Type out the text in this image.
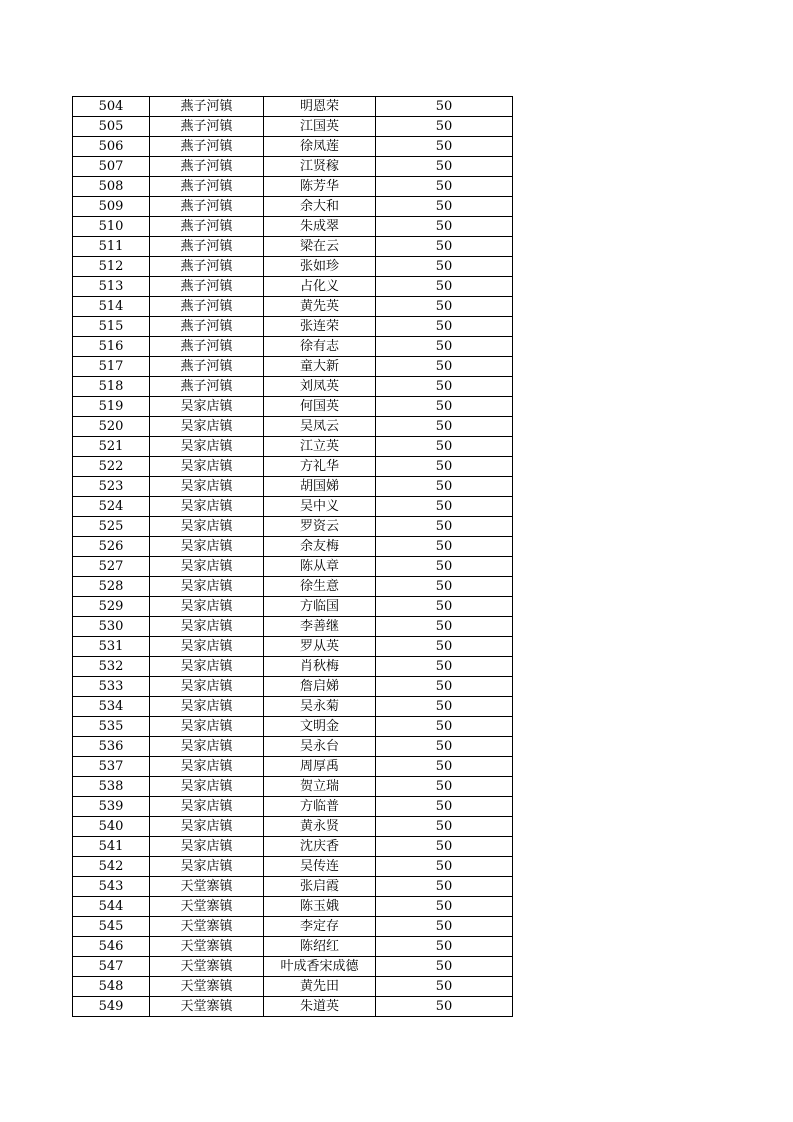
504	燕子河镇	明恩荣	50
505	燕子河镇	江国英	50
506	燕子河镇	徐凤莲	50
507	燕子河镇	江贤稼	50
508	燕子河镇	陈芳华	50
509	燕子河镇	余大和	50
510	燕子河镇	朱成翠	50
511	燕子河镇	梁在云	50
512	燕子河镇	张如珍	50
513	燕子河镇	占化义	50
514	燕子河镇	黄先英	50
515	燕子河镇	张连荣	50
516	燕子河镇	徐有志	50
517	燕子河镇	童大新	50
518	燕子河镇	刘凤英	50
519	吴家店镇	何国英	50
520	吴家店镇	吴凤云	50
521	吴家店镇	江立英	50
522	吴家店镇	方礼华	50
523	吴家店镇	胡国娣	50
524	吴家店镇	吴中义	50
525	吴家店镇	罗资云	50
526	吴家店镇	余友梅	50
527	吴家店镇	陈从章	50
528	吴家店镇	徐生意	50
529	吴家店镇	方临国	50
530	吴家店镇	李善继	50
531	吴家店镇	罗从英	50
532	吴家店镇	肖秋梅	50
533	吴家店镇	詹启娣	50
534	吴家店镇	吴永菊	50
535	吴家店镇	文明金	50
536	吴家店镇	吴永台	50
537	吴家店镇	周厚禹	50
538	吴家店镇	贺立瑞	50
539	吴家店镇	方临普	50
540	吴家店镇	黄永贤	50
541	吴家店镇	沈庆香	50
542	吴家店镇	吴传连	50
543	天堂寨镇	张启霞	50
544	天堂寨镇	陈玉娥	50
545	天堂寨镇	李定存	50
546	天堂寨镇	陈绍红	50
547	天堂寨镇	叶成香宋成德	50
548	天堂寨镇	黄先田	50
549	天堂寨镇	朱道英	50
